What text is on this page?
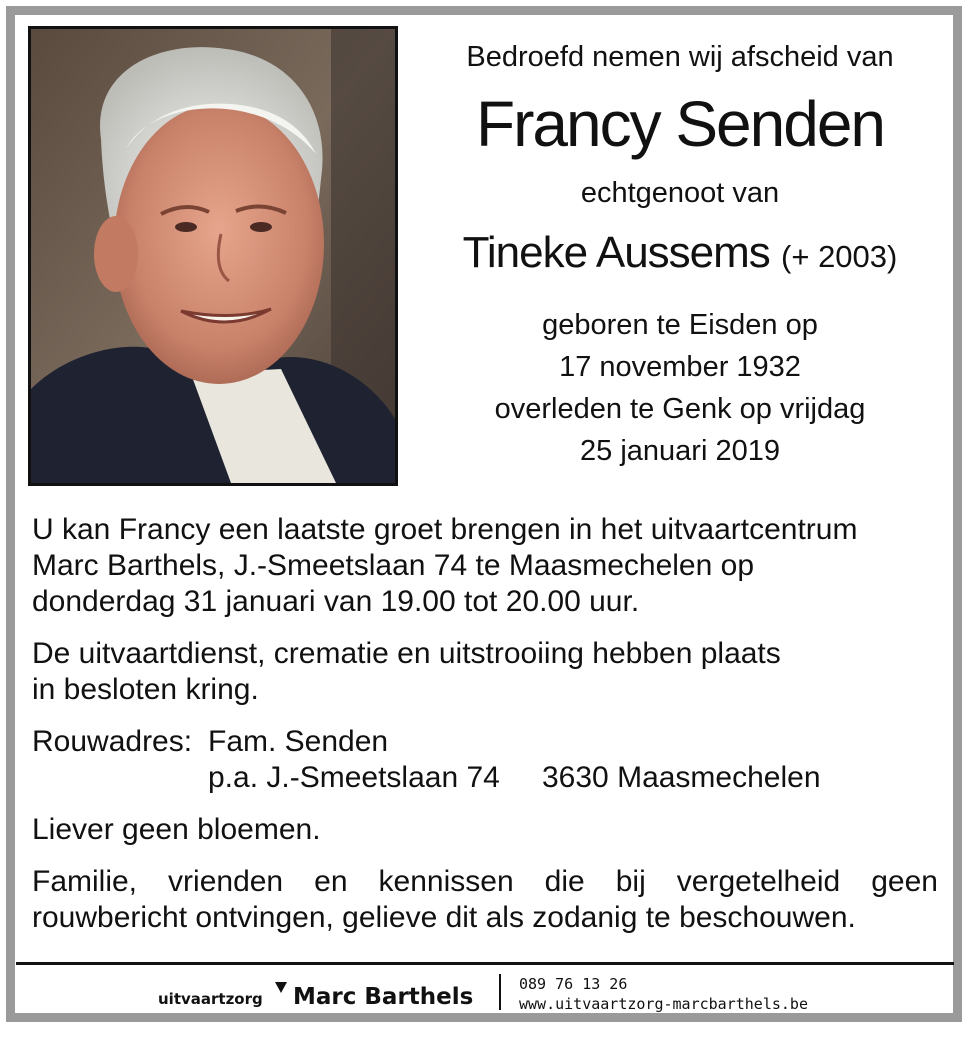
Bedroefd nemen wij afscheid van
Francy Senden
echtgenoot van
Tineke Aussems (+ 2003)
geboren te Eisden op
17 november 1932
overleden te Genk op vrijdag
25 januari 2019

U kan Francy een laatste groet brengen in het uitvaartcentrum
Marc Barthels, J.-Smeetslaan 74 te Maasmechelen op
donderdag 31 januari van 19.00 tot 20.00 uur.

De uitvaartdienst, crematie en uitstrooiing hebben plaats
in besloten kring.

Rouwadres: Fam. Senden
p.a. J.-Smeetslaan 74	3630 Maasmechelen

Liever geen bloemen.

Familie, vrienden en kennissen die bij vergetelheid geen
rouwbericht ontvingen, gelieve dit als zodanig te beschouwen.

uitvaartzorg Marc Barthels	089 76 13 26
www.uitvaartzorg-marcbarthels.be
